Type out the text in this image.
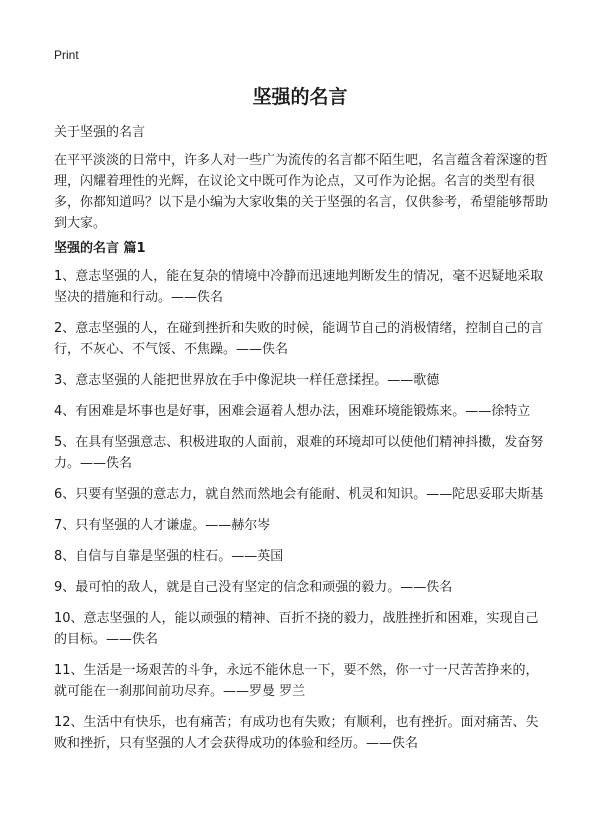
Print
坚强的名言

关于坚强的名言

在平平淡淡的日常中，许多人对一些广为流传的名言都不陌生吧，名言蕴含着深邃的哲理，闪耀着理性的光辉，在议论文中既可作为论点，又可作为论据。名言的类型有很多，你都知道吗？以下是小编为大家收集的关于坚强的名言，仅供参考，希望能够帮助到大家。

坚强的名言 篇1
1、意志坚强的人，能在复杂的情境中冷静而迅速地判断发生的情况，毫不迟疑地采取坚决的措施和行动。——佚名
2、意志坚强的人，在碰到挫折和失败的时候，能调节自己的消极情绪，控制自己的言行，不灰心、不气馁、不焦躁。——佚名
3、意志坚强的人能把世界放在手中像泥块一样任意揉捏。——歌德
4、有困难是坏事也是好事，困难会逼着人想办法，困难环境能锻炼来。——徐特立
5、在具有坚强意志、积极进取的人面前，艰难的环境却可以使他们精神抖擞，发奋努力。——佚名
6、只要有坚强的意志力，就自然而然地会有能耐、机灵和知识。——陀思妥耶夫斯基
7、只有坚强的人才谦虚。——赫尔岑
8、自信与自靠是坚强的柱石。——英国
9、最可怕的敌人，就是自己没有坚定的信念和顽强的毅力。——佚名
10、意志坚强的人，能以顽强的精神、百折不挠的毅力，战胜挫折和困难，实现自己的目标。——佚名
11、生活是一场艰苦的斗争，永远不能休息一下，要不然，你一寸一尺苦苦挣来的，就可能在一刹那间前功尽弃。——罗曼 罗兰
12、生活中有快乐，也有痛苦；有成功也有失败；有顺利，也有挫折。面对痛苦、失败和挫折，只有坚强的人才会获得成功的体验和经历。——佚名
